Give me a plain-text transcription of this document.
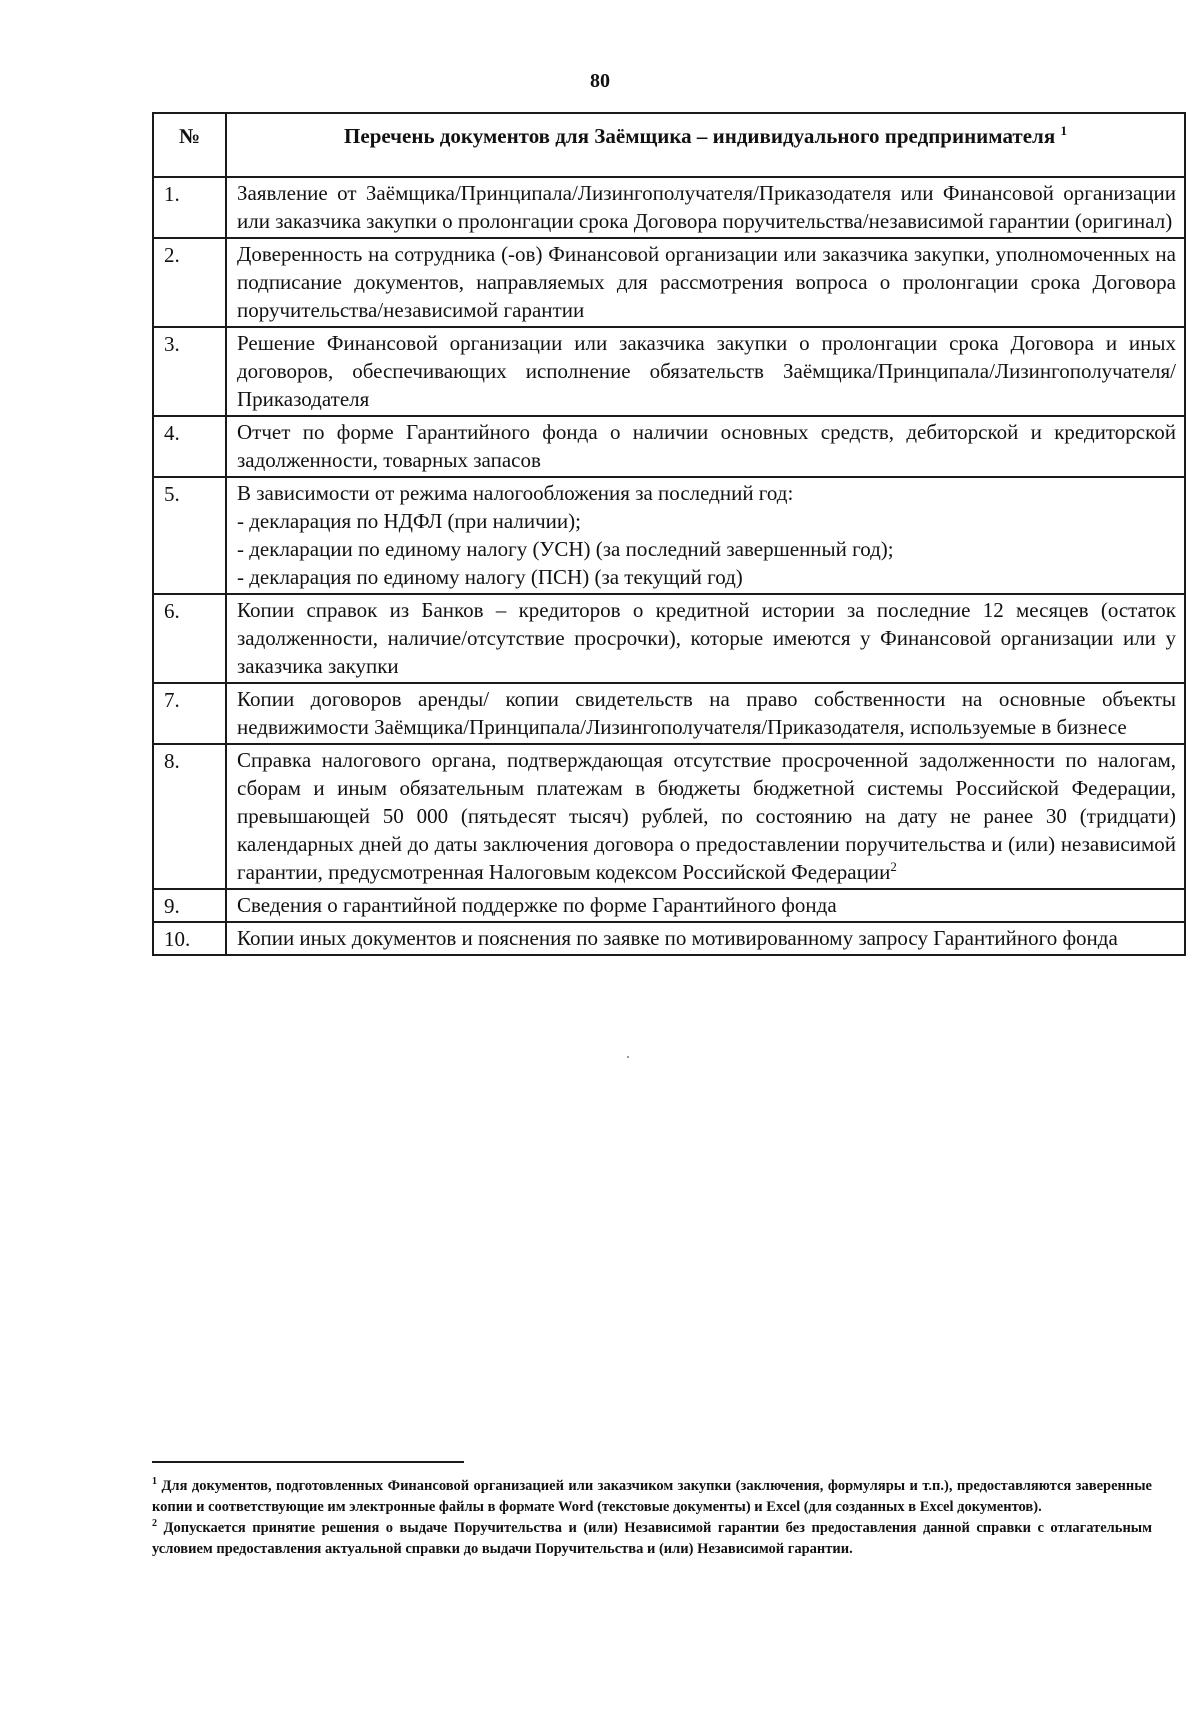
80
№	Перечень документов для Заёмщика – индивидуального предпринимателя $^1$
1.	Заявление от Заёмщика/Принципала/Лизингополучателя/Приказодателя или Финансовой организации или заказчика закупки о пролонгации срока Договора поручительства/независимой гарантии (оригинал)
2.	Доверенность на сотрудника (-ов) Финансовой организации или заказчика закупки, уполномоченных на подписание документов, направляемых для рассмотрения вопроса о пролонгации срока Договора поручительства/независимой гарантии
3.	Решение Финансовой организации или заказчика закупки о пролонгации срока Договора и иных договоров, обеспечивающих исполнение обязательств Заёмщика/Принципала/Лизингополучателя/Приказодателя
4.	Отчет по форме Гарантийного фонда о наличии основных средств, дебиторской и кредиторской задолженности, товарных запасов
5.	В зависимости от режима налогообложения за последний год:
- декларация по НДФЛ (при наличии);
- декларации по единому налогу (УСН) (за последний завершенный год);
- декларация по единому налогу (ПСН) (за текущий год)

6.	Копии справок из Банков – кредиторов о кредитной истории за последние 12 месяцев (остаток задолженности, наличие/отсутствие просрочки), которые имеются у Финансовой организации или у заказчика закупки
7.	Копии договоров аренды/ копии свидетельств на право собственности на основные объекты недвижимости Заёмщика/Принципала/Лизингополучателя/Приказодателя, используемые в бизнесе
8.	Справка налогового органа, подтверждающая отсутствие просроченной задолженности по налогам, сборам и иным обязательным платежам в бюджеты бюджетной системы Российской Федерации, превышающей 50 000 (пятьдесят тысяч) рублей, по состоянию на дату не ранее 30 (тридцати) календарных дней до даты заключения договора о предоставлении поручительства и (или) независимой гарантии, предусмотренная Налоговым кодексом Российской Федерации$^2$
9.	Сведения о гарантийной поддержке по форме Гарантийного фонда
10.	Копии иных документов и пояснения по заявке по мотивированному запросу Гарантийного фонда

$^1$ Для документов, подготовленных Финансовой организацией или заказчиком закупки (заключения, формуляры и т.п.), предоставляются заверенные копии и соответствующие им электронные файлы в формате Word (текстовые документы) и Excel (для созданных в Excel документов).

$^2$ Допускается принятие решения о выдаче Поручительства и (или) Независимой гарантии без предоставления данной справки с отлагательным условием предоставления актуальной справки до выдачи Поручительства и (или) Независимой гарантии.
